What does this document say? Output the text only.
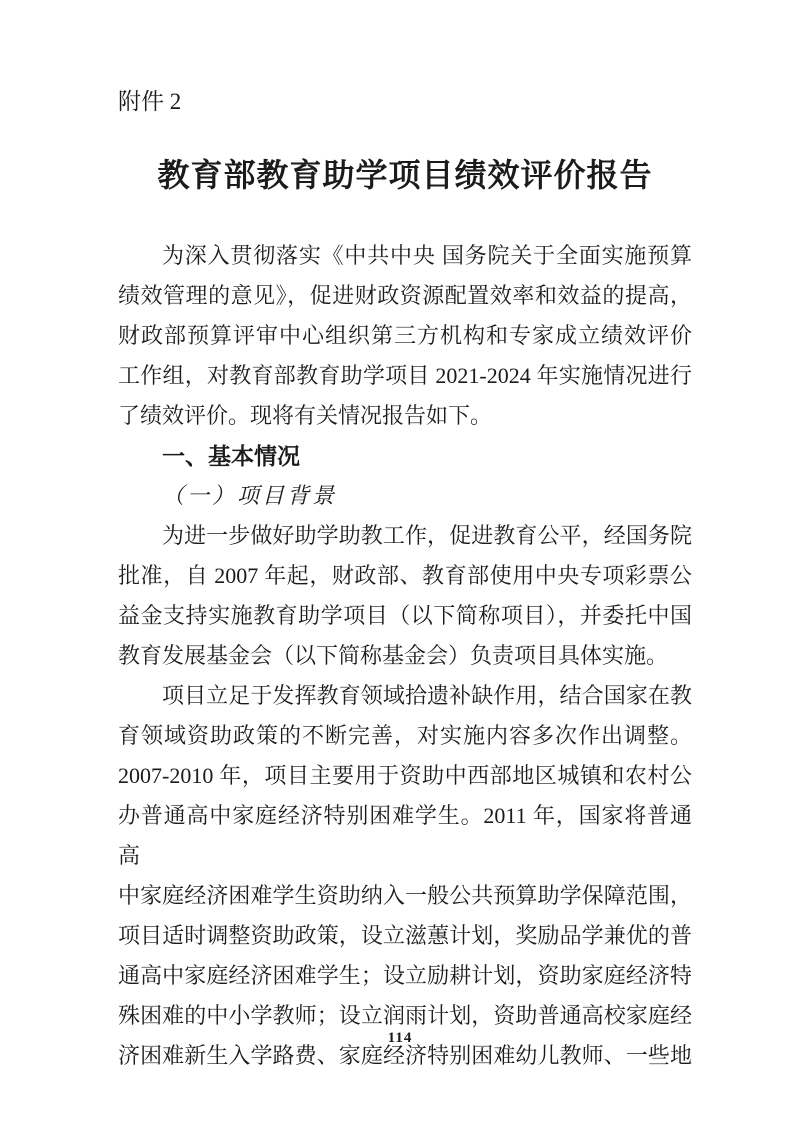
附件 2
教育部教育助学项目绩效评价报告
为深入贯彻落实《中共中央 国务院关于全面实施预算
绩效管理的意见》，促进财政资源配置效率和效益的提高，
财政部预算评审中心组织第三方机构和专家成立绩效评价
工作组，对教育部教育助学项目 2021-2024 年实施情况进行
了绩效评价。现将有关情况报告如下。
一、基本情况
（一）项目背景
为进一步做好助学助教工作，促进教育公平，经国务院
批准，自 2007 年起，财政部、教育部使用中央专项彩票公
益金支持实施教育助学项目（以下简称项目），并委托中国
教育发展基金会（以下简称基金会）负责项目具体实施。
项目立足于发挥教育领域拾遗补缺作用，结合国家在教
育领域资助政策的不断完善，对实施内容多次作出调整。
2007-2010 年，项目主要用于资助中西部地区城镇和农村公
办普通高中家庭经济特别困难学生。2011 年，国家将普通高
中家庭经济困难学生资助纳入一般公共预算助学保障范围，
项目适时调整资助政策，设立滋蕙计划，奖励品学兼优的普
通高中家庭经济困难学生；设立励耕计划，资助家庭经济特
殊困难的中小学教师；设立润雨计划，资助普通高校家庭经
济困难新生入学路费、家庭经济特别困难幼儿教师、一些地
114
